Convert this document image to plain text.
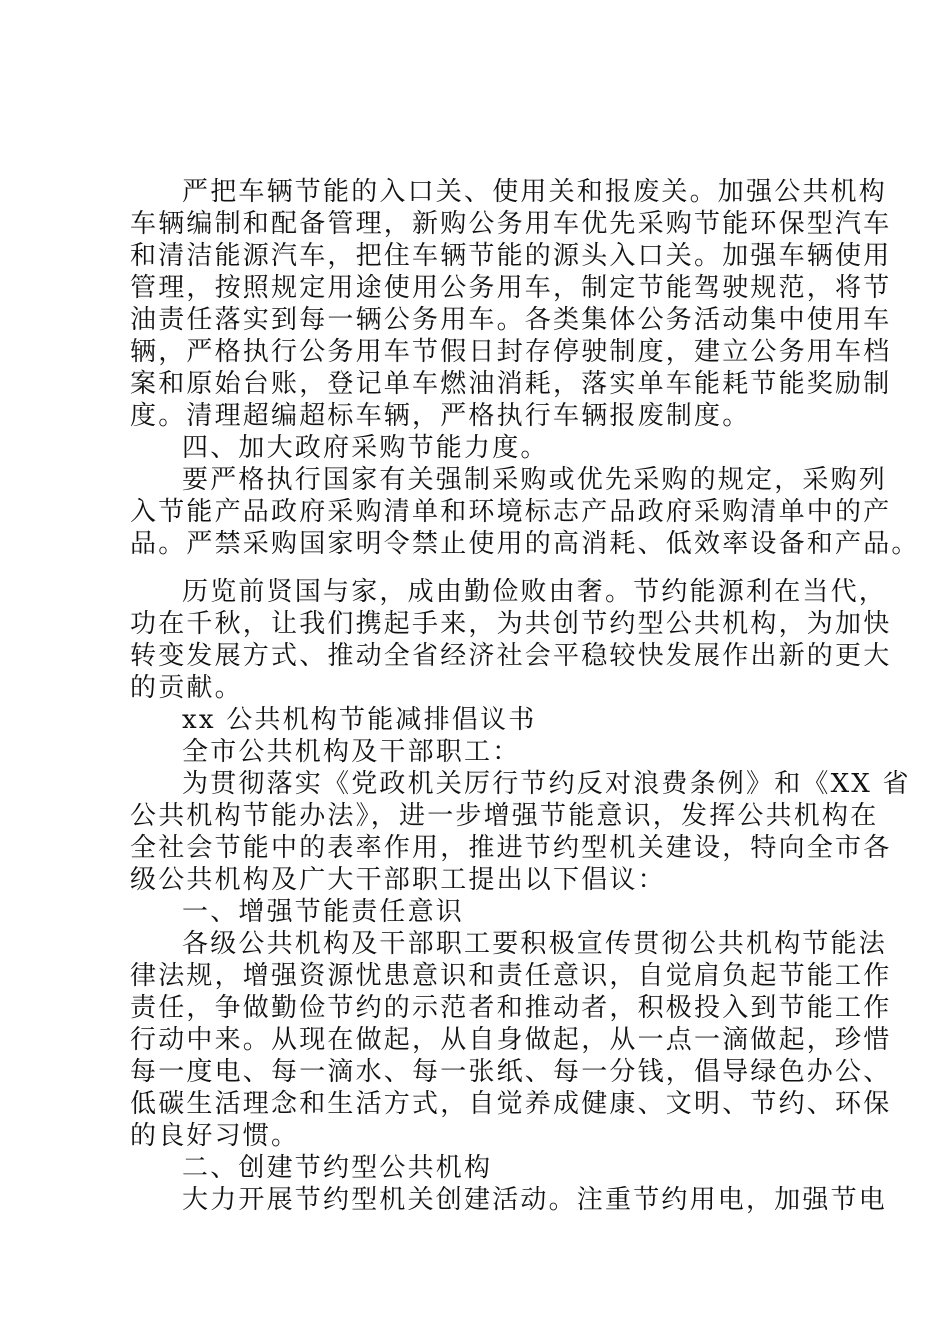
严把车辆节能的入口关、使用关和报废关。加强公共机构
车辆编制和配备管理，新购公务用车优先采购节能环保型汽车
和清洁能源汽车，把住车辆节能的源头入口关。加强车辆使用
管理，按照规定用途使用公务用车，制定节能驾驶规范，将节
油责任落实到每一辆公务用车。各类集体公务活动集中使用车
辆，严格执行公务用车节假日封存停驶制度，建立公务用车档
案和原始台账，登记单车燃油消耗，落实单车能耗节能奖励制
度。清理超编超标车辆，严格执行车辆报废制度。
四、加大政府采购节能力度。
要严格执行国家有关强制采购或优先采购的规定，采购列
入节能产品政府采购清单和环境标志产品政府采购清单中的产
品。严禁采购国家明令禁止使用的高消耗、低效率设备和产品。
历览前贤国与家，成由勤俭败由奢。节约能源利在当代，
功在千秋，让我们携起手来，为共创节约型公共机构，为加快
转变发展方式、推动全省经济社会平稳较快发展作出新的更大
的贡献。
xx 公共机构节能减排倡议书
全市公共机构及干部职工：
为贯彻落实《党政机关厉行节约反对浪费条例》和《XX 省
公共机构节能办法》，进一步增强节能意识，发挥公共机构在
全社会节能中的表率作用，推进节约型机关建设，特向全市各
级公共机构及广大干部职工提出以下倡议：
一、增强节能责任意识
各级公共机构及干部职工要积极宣传贯彻公共机构节能法
律法规，增强资源忧患意识和责任意识，自觉肩负起节能工作
责任，争做勤俭节约的示范者和推动者，积极投入到节能工作
行动中来。从现在做起，从自身做起，从一点一滴做起，珍惜
每一度电、每一滴水、每一张纸、每一分钱，倡导绿色办公、
低碳生活理念和生活方式，自觉养成健康、文明、节约、环保
的良好习惯。
二、创建节约型公共机构
大力开展节约型机关创建活动。注重节约用电，加强节电
